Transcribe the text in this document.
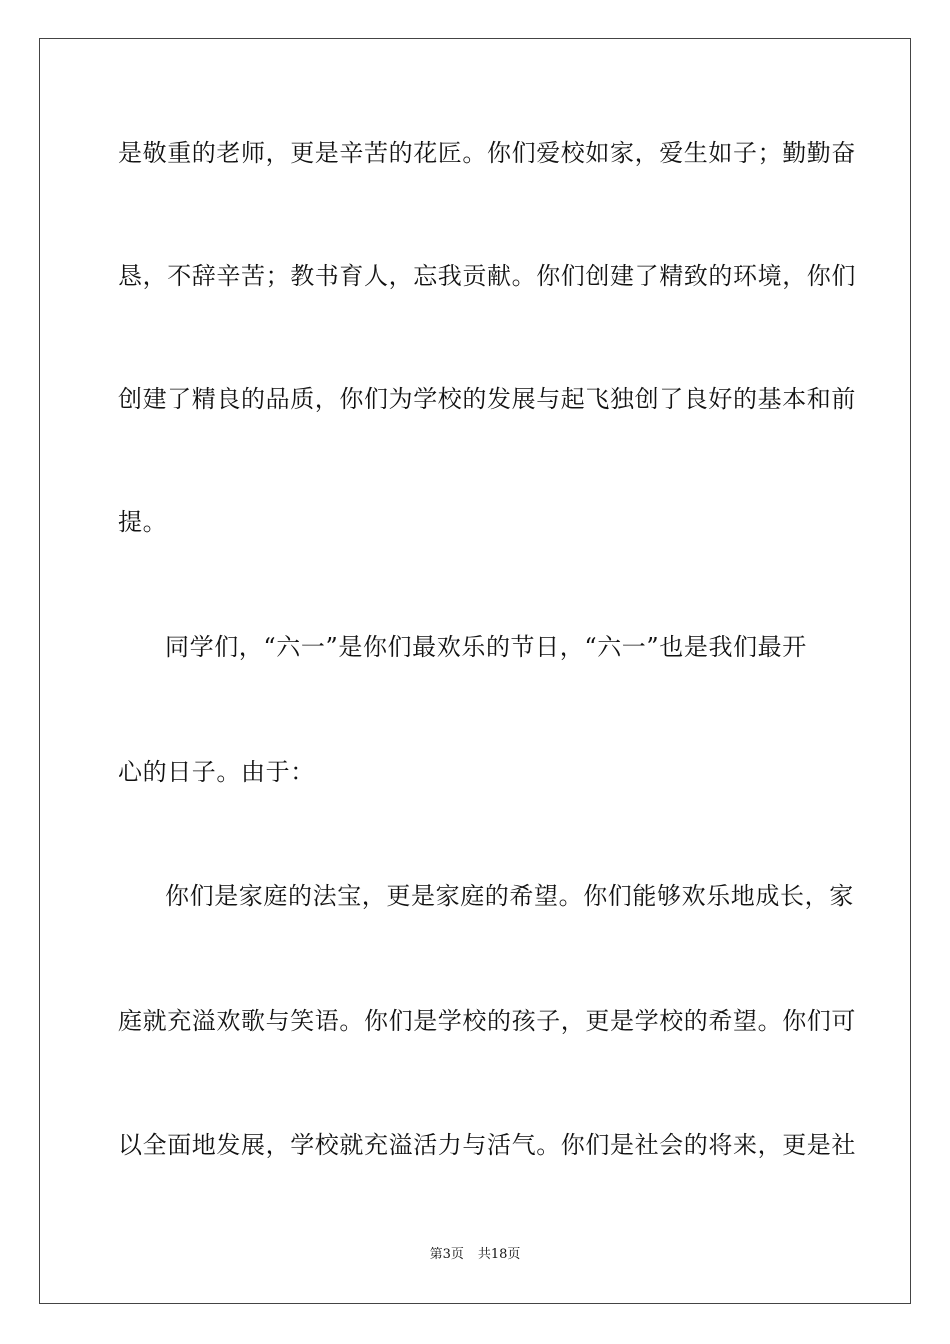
是敬重的老师，更是辛苦的花匠。你们爱校如家，爱生如子；勤勤奋
恳，不辞辛苦；教书育人，忘我贡献。你们创建了精致的环境，你们
创建了精良的品质，你们为学校的发展与起飞独创了良好的基本和前
提。
同学们，“六一”是你们最欢乐的节日，“六一”也是我们最开
心的日子。由于：
你们是家庭的法宝，更是家庭的希望。你们能够欢乐地成长，家
庭就充溢欢歌与笑语。你们是学校的孩子，更是学校的希望。你们可
以全面地发展，学校就充溢活力与活气。你们是社会的将来，更是社
第3页 共18页
